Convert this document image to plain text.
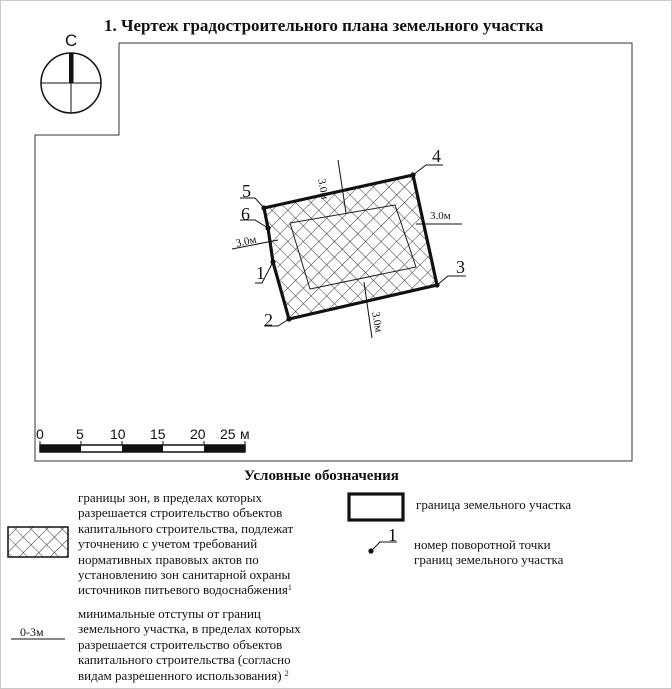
1. Чертеж градостроительного плана земельного участка
С
4
3
2
5
6
1
3.0м
3.0м
3.0м
3.0м
0 5 10 15 20 25 м
Условные обозначения
границы зон, в пределах которых
разрешается строительство объектов
капитального строительства, подлежат
уточнению с учетом требований
нормативных правовых актов по
установлению зон санитарной охраны
источников питьевого водоснабжения$^1$
граница земельного участка
1 номер поворотной точки
границ земельного участка
0-3м
минимальные отступы от границ
земельного участка, в пределах которых
разрешается строительство объектов
капитального строительства (согласно
видам разрешенного использования) $^2$
